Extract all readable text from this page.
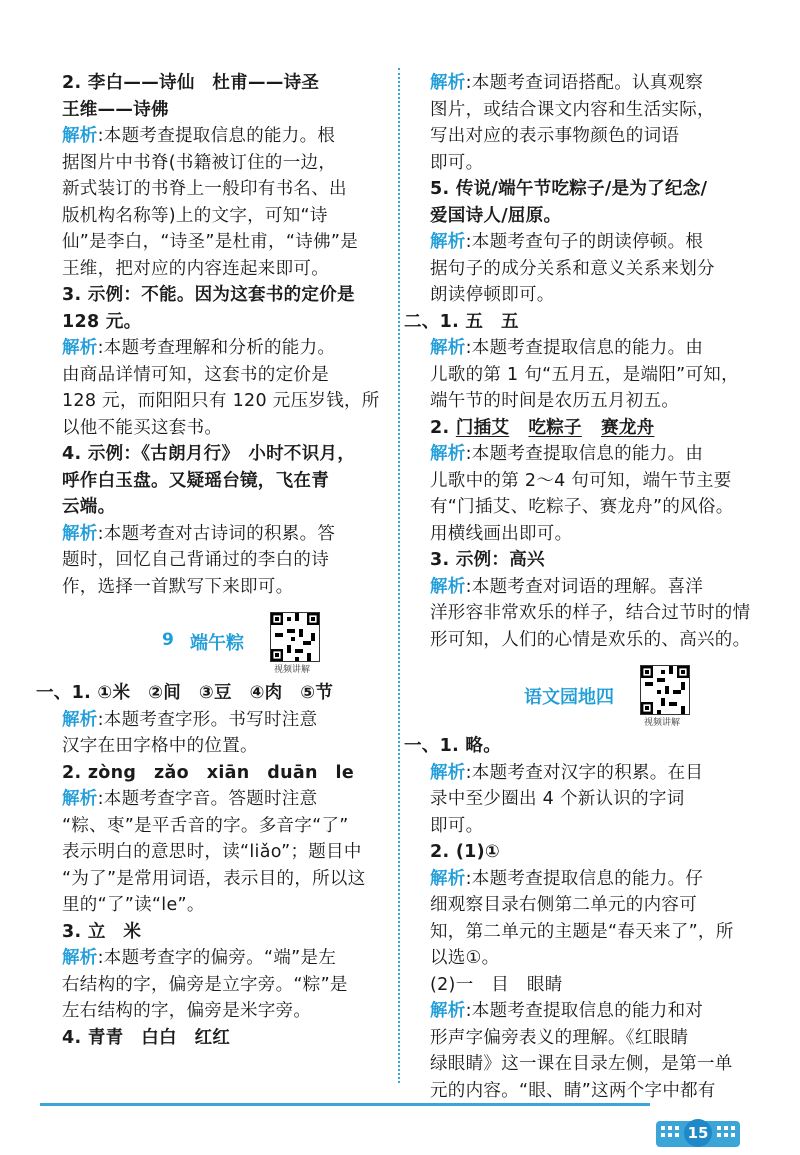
2. 李白——诗仙　杜甫——诗圣
王维——诗佛
解析:本题考查提取信息的能力。根
据图片中书脊(书籍被订住的一边，
新式装订的书脊上一般印有书名、出
版机构名称等)上的文字，可知“诗
仙”是李白，“诗圣”是杜甫，“诗佛”是
王维，把对应的内容连起来即可。
3. 示例：不能。因为这套书的定价是
128 元。
解析:本题考查理解和分析的能力。
由商品详情可知，这套书的定价是
128 元，而阳阳只有 120 元压岁钱，所
以他不能买这套书。
4. 示例：《古朗月行》　小时不识月，
呼作白玉盘。又疑瑶台镜，飞在青
云端。
解析:本题考查对古诗词的积累。答
题时，回忆自己背诵过的李白的诗
作，选择一首默写下来即可。
9 端午粽
视频讲解
一、1. ①米　②间　③豆　④肉　⑤节
解析:本题考查字形。书写时注意
汉字在田字格中的位置。
2. zòng　zǎo　xiān　duān　le
解析:本题考查字音。答题时注意
“粽、枣”是平舌音的字。多音字“了”
表示明白的意思时，读“liǎo”；题目中
“为了”是常用词语，表示目的，所以这
里的“了”读“le”。
3. 立　米
解析:本题考查字的偏旁。“端”是左
右结构的字，偏旁是立字旁。“粽”是
左右结构的字，偏旁是米字旁。
4. 青青　白白　红红
解析:本题考查词语搭配。认真观察
图片，或结合课文内容和生活实际，
写出对应的表示事物颜色的词语
即可。
5. 传说/端午节吃粽子/是为了纪念/
爱国诗人/屈原。
解析:本题考查句子的朗读停顿。根
据句子的成分关系和意义关系来划分
朗读停顿即可。
二、1. 五　五
解析:本题考查提取信息的能力。由
儿歌的第 1 句“五月五，是端阳”可知，
端午节的时间是农历五月初五。
2. 门插艾 吃粽子 赛龙舟
解析:本题考查提取信息的能力。由
儿歌中的第 2～4 句可知，端午节主要
有“门插艾、吃粽子、赛龙舟”的风俗。
用横线画出即可。
3. 示例：高兴
解析:本题考查对词语的理解。喜洋
洋形容非常欢乐的样子，结合过节时的情
形可知，人们的心情是欢乐的、高兴的。
语文园地四
视频讲解
一、1. 略。
解析:本题考查对汉字的积累。在目
录中至少圈出 4 个新认识的字词
即可。
2. (1)①
解析:本题考查提取信息的能力。仔
细观察目录右侧第二单元的内容可
知，第二单元的主题是“春天来了”，所
以选①。
(2)一　目　眼睛
解析:本题考查提取信息的能力和对
形声字偏旁表义的理解。《红眼睛
绿眼睛》这一课在目录左侧，是第一单
元的内容。“眼、睛”这两个字中都有
15
